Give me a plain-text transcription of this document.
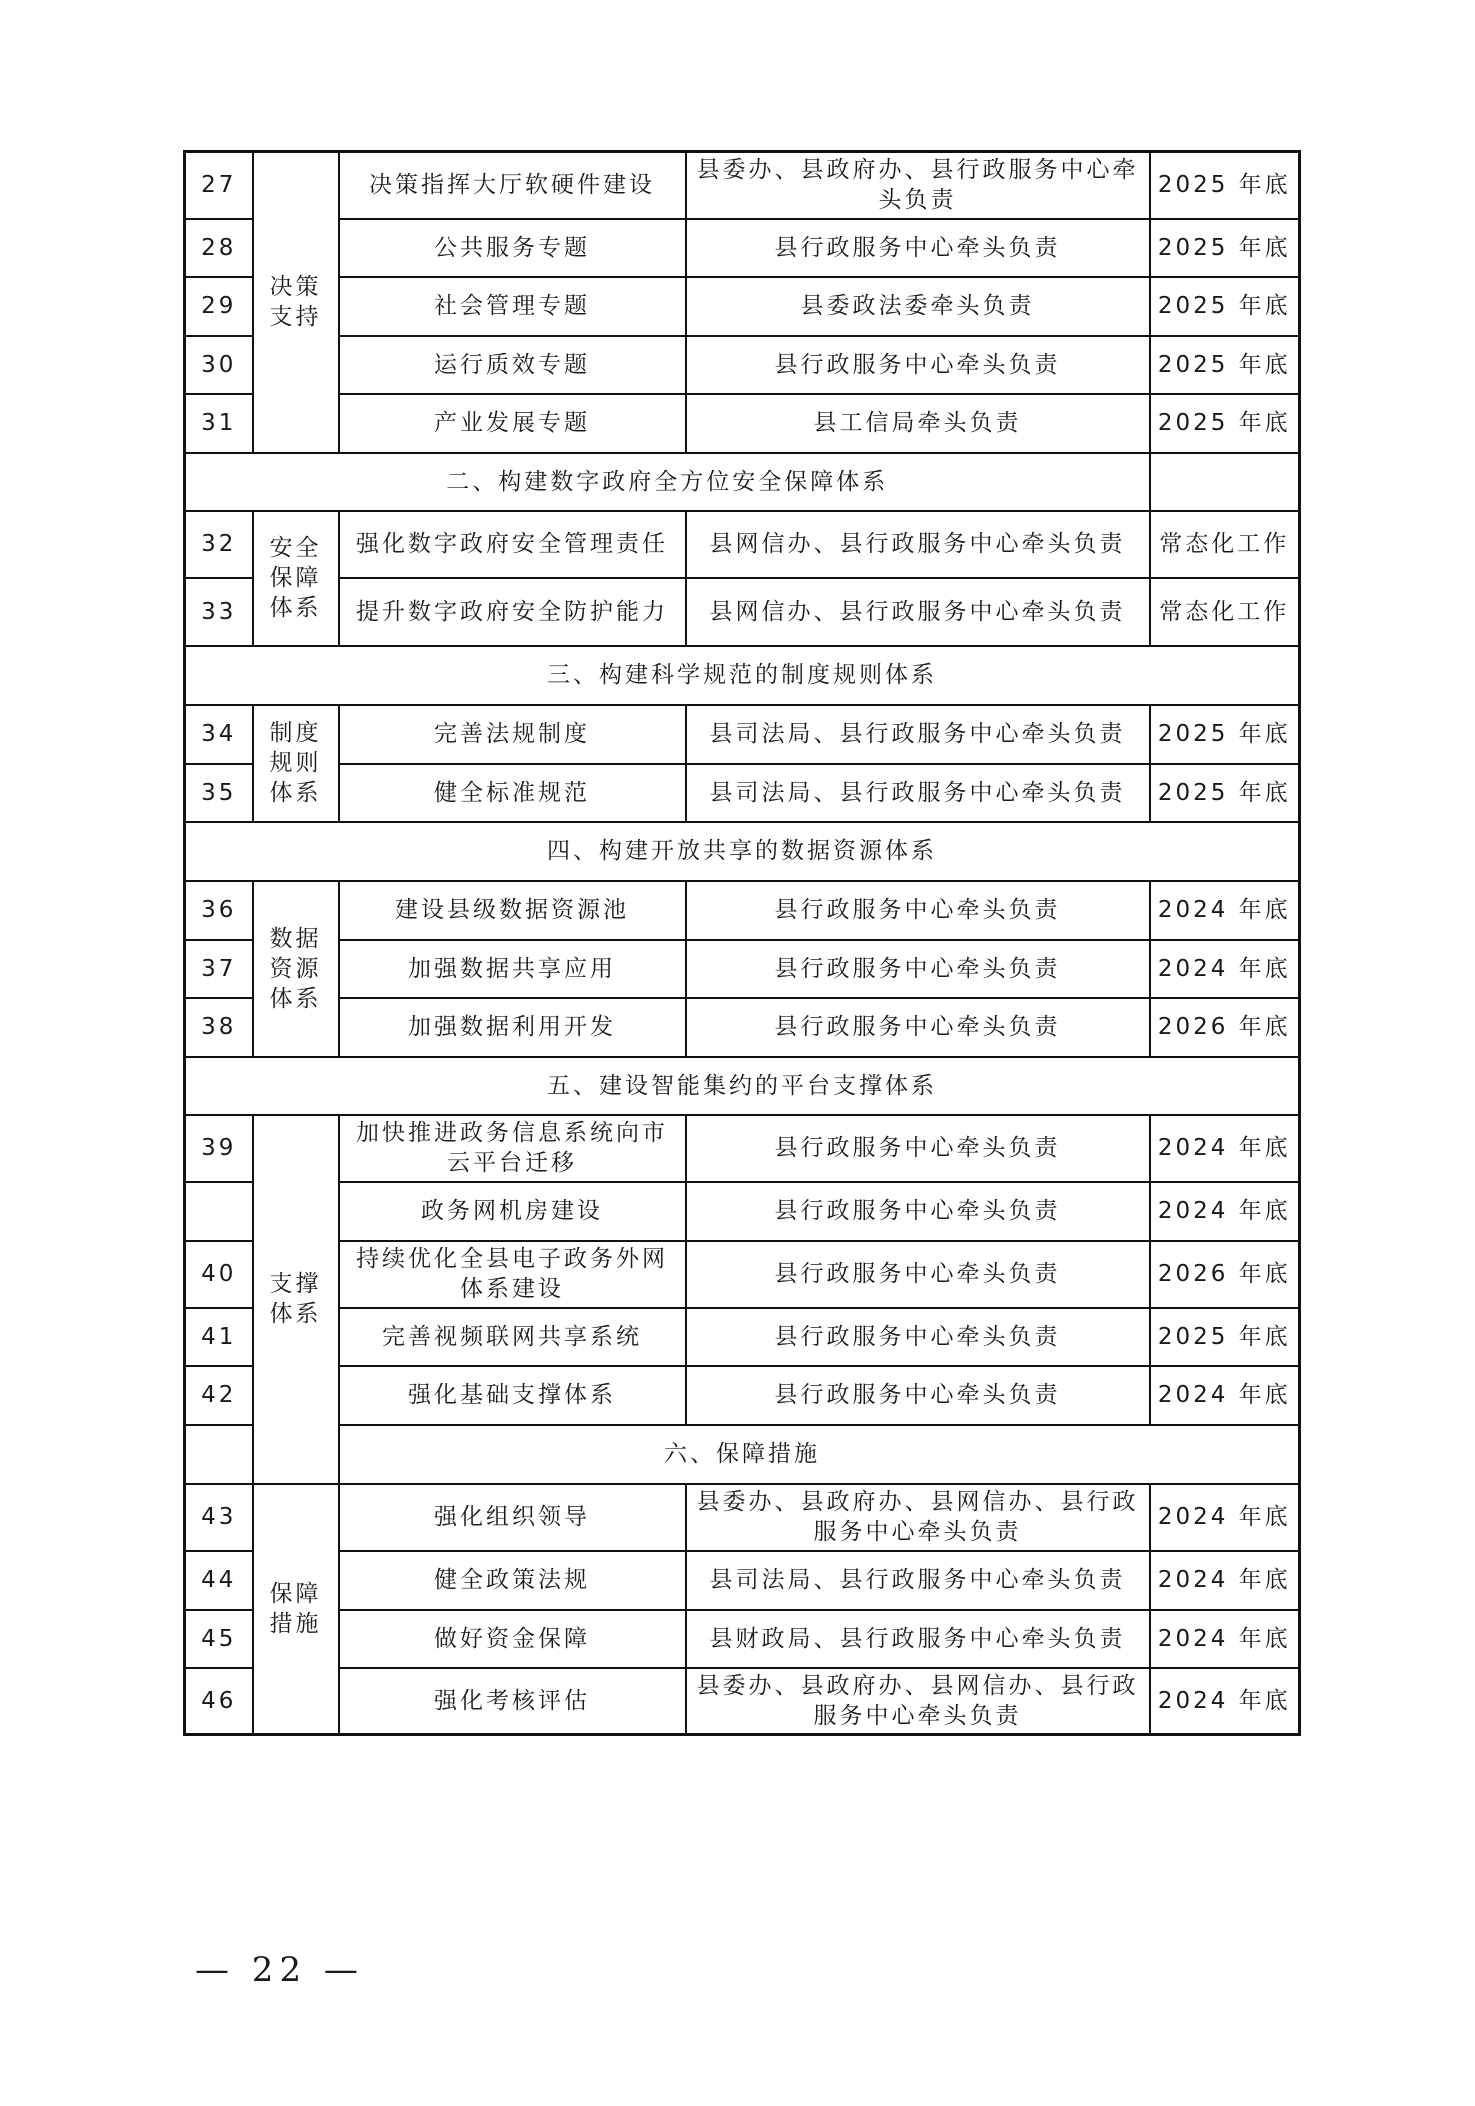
27	决策支持	决策指挥大厅软硬件建设	县委办、县政府办、县行政服务中心牵头负责	2025 年底
28		公共服务专题	县行政服务中心牵头负责	2025 年底
29		社会管理专题	县委政法委牵头负责	2025 年底
30		运行质效专题	县行政服务中心牵头负责	2025 年底
31		产业发展专题	县工信局牵头负责	2025 年底
二、构建数字政府全方位安全保障体系				
32	安全保障体系	强化数字政府安全管理责任	县网信办、县行政服务中心牵头负责	常态化工作
33		提升数字政府安全防护能力	县网信办、县行政服务中心牵头负责	常态化工作
三、构建科学规范的制度规则体系				
34	制度规则体系	完善法规制度	县司法局、县行政服务中心牵头负责	2025 年底
35		健全标准规范	县司法局、县行政服务中心牵头负责	2025 年底
四、构建开放共享的数据资源体系				
36	数据资源体系	建设县级数据资源池	县行政服务中心牵头负责	2024 年底
37		加强数据共享应用	县行政服务中心牵头负责	2024 年底
38		加强数据利用开发	县行政服务中心牵头负责	2026 年底
五、建设智能集约的平台支撑体系				
39	支撑体系	加快推进政务信息系统向市云平台迁移	县行政服务中心牵头负责	2024 年底
		政务网机房建设	县行政服务中心牵头负责	2024 年底
40		持续优化全县电子政务外网体系建设	县行政服务中心牵头负责	2026 年底
41		完善视频联网共享系统	县行政服务中心牵头负责	2025 年底
42		强化基础支撑体系	县行政服务中心牵头负责	2024 年底
六、保障措施				
43	保障措施	强化组织领导	县委办、县政府办、县网信办、县行政服务中心牵头负责	2024 年底
44		健全政策法规	县司法局、县行政服务中心牵头负责	2024 年底
45		做好资金保障	县财政局、县行政服务中心牵头负责	2024 年底
46		强化考核评估	县委办、县政府办、县网信办、县行政服务中心牵头负责	2024 年底
— 22 —
